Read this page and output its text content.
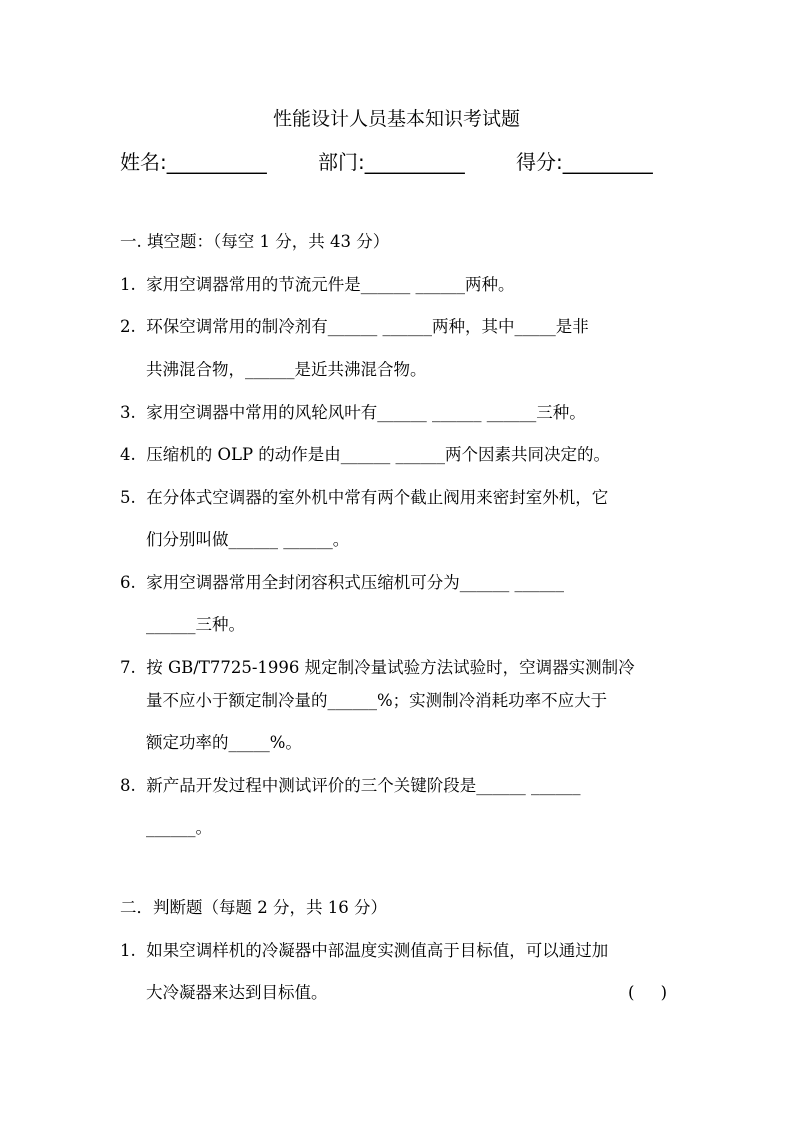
性能设计人员基本知识考试题
姓名:__________	部门:__________	得分:_________
一. 填空题：（每空 1 分，共 43 分）
1.  家用空调器常用的节流元件是______ ______两种。
2.  环保空调常用的制冷剂有______ ______两种，其中_____是非
共沸混合物，______是近共沸混合物。
3.  家用空调器中常用的风轮风叶有______ ______ ______三种。
4.  压缩机的 OLP 的动作是由______ ______两个因素共同决定的。
5.  在分体式空调器的室外机中常有两个截止阀用来密封室外机，它
们分别叫做______ ______。
6.  家用空调器常用全封闭容积式压缩机可分为______ ______
______三种。
7.  按 GB/T7725-1996 规定制冷量试验方法试验时，空调器实测制冷
量不应小于额定制冷量的______%；实测制冷消耗功率不应大于
额定功率的_____%。
8.  新产品开发过程中测试评价的三个关键阶段是______ ______
______。
二．判断题（每题 2 分，共 16 分）
1.  如果空调样机的冷凝器中部温度实测值高于目标值，可以通过加
大冷凝器来达到目标值。	(     )
